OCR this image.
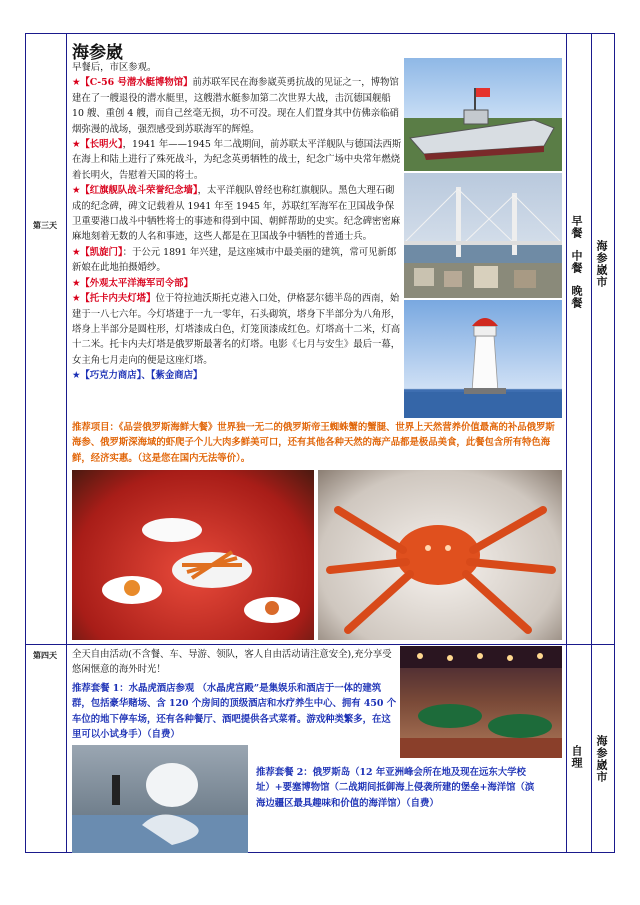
第三天
海参崴
早餐后，市区参观。
★【C-56 号潜水艇博物馆】前苏联军民在海参崴英勇抗战的见证之一，博物馆建在了一艘退役的潜水艇里，这艘潜水艇参加第二次世界大战，击沉德国舰船 10 艘、重创 4 艘，而自己丝毫无损，功不可没。现在人们置身其中仿佛亲临硝烟弥漫的战场，强烈感受到苏联海军的辉煌。
★【长明火】，1941 年——1945 年二战期间，前苏联太平洋舰队与德国法西斯在海上和陆上进行了殊死战斗，为纪念英勇牺牲的战士，纪念广场中央常年燃烧着长明火，告慰着天国的将士。
★【红旗舰队战斗荣誉纪念墙】，太平洋舰队曾经也称红旗舰队。黑色大理石砌成的纪念碑，碑文记载着从 1941 年至 1945 年，苏联红军海军在卫国战争保卫重要港口战斗中牺牲将士的事迹和得到中国、朝鲜帮助的史实。纪念碑密密麻麻地刻着无数的人名和事迹，这些人都是在卫国战争中牺牲的普通士兵。
★【凯旋门】：于公元 1891 年兴建，是这座城市中最美丽的建筑，常可见新郎新娘在此地拍摄婚纱。
★【外观太平洋海军司令部】
★【托卡内夫灯塔】位于符拉迪沃斯托克港入口处，伊格瑟尔德半岛的西南，始建于一八七六年。今灯塔建于一九一零年，石头砌筑，塔身下半部分为八角形，塔身上半部分是圆柱形，灯塔漆成白色，灯笼顶漆成红色。灯塔高十二米，灯高十二米。托卡内夫灯塔是俄罗斯最著名的灯塔。电影《七月与安生》最后一幕，女主角七月走向的便是这座灯塔。
★【巧克力商店】、【紫金商店】
推荐项目：《品尝俄罗斯海鲜大餐》世界独一无二的俄罗斯帝王蜘蛛蟹的蟹腿、世界上天然营养价值最高的补品俄罗斯海参、俄罗斯深海域的虾爬子个儿大肉多鲜美可口，还有其他各种天然的海产品都是极品美食，此餐包含所有特色海鲜，经济实惠。（这是您在国内无法等价）。
早餐
中餐
晚餐
海参崴市
第四天	全天自由活动(不含餐、车、导游、领队，客人自由活动请注意安全),充分享受悠闲惬意的海外时光！
推荐套餐 1：水晶虎酒店参观 （水晶虎宫殿”是集娱乐和酒店于一体的建筑群，包括豪华赌场、含 120 个房间的顶级酒店和水疗养生中心、拥有 450 个车位的地下停车场，还有各种餐厅、酒吧提供各式菜肴。游戏种类繁多，在这里可以小试身手）（自费）
推荐套餐 2：俄罗斯岛（12 年亚洲峰会所在地及现在远东大学校址）+要塞博物馆（二战期间抵御海上侵袭所建的堡垒+海洋馆（滨海边疆区最具趣味和价值的海洋馆）（自费）
自理 海参崴市
